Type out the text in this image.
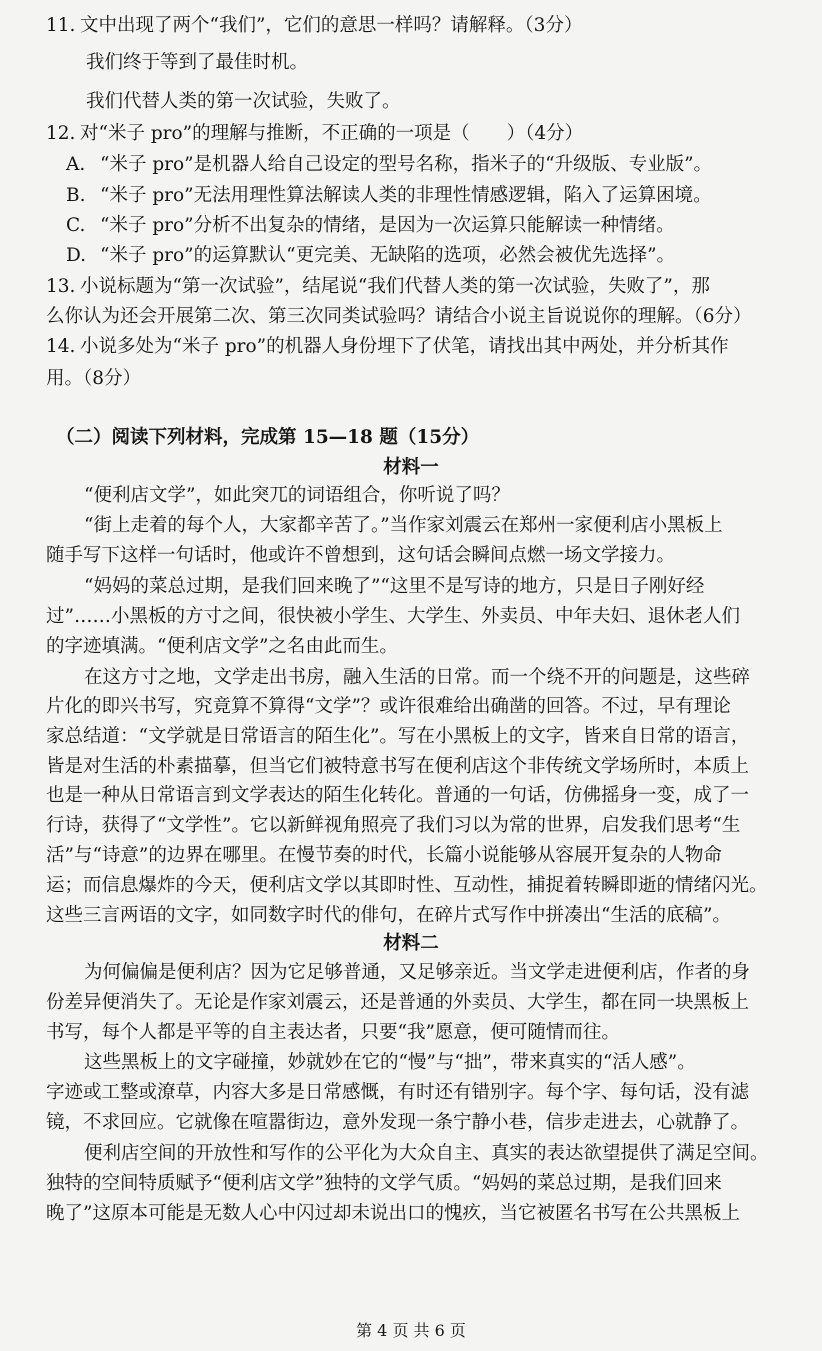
11. 文中出现了两个“我们”，它们的意思一样吗？请解释。（3分）
我们终于等到了最佳时机。
我们代替人类的第一次试验，失败了。
12. 对“米子 pro”的理解与推断，不正确的一项是（　　）（4分）
A. “米子 pro”是机器人给自己设定的型号名称，指米子的“升级版、专业版”。
B. “米子 pro”无法用理性算法解读人类的非理性情感逻辑，陷入了运算困境。
C. “米子 pro”分析不出复杂的情绪，是因为一次运算只能解读一种情绪。
D. “米子 pro”的运算默认“更完美、无缺陷的选项，必然会被优先选择”。
13. 小说标题为“第一次试验”，结尾说“我们代替人类的第一次试验，失败了”，那
么你认为还会开展第二次、第三次同类试验吗？请结合小说主旨说说你的理解。（6分）
14. 小说多处为“米子 pro”的机器人身份埋下了伏笔，请找出其中两处，并分析其作
用。（8分）
（二）阅读下列材料，完成第 15—18 题（15分）
材料一
“便利店文学”，如此突兀的词语组合，你听说了吗？
“街上走着的每个人，大家都辛苦了。”当作家刘震云在郑州一家便利店小黑板上
随手写下这样一句话时，他或许不曾想到，这句话会瞬间点燃一场文学接力。
“妈妈的菜总过期，是我们回来晚了”“这里不是写诗的地方，只是日子刚好经
过”……小黑板的方寸之间，很快被小学生、大学生、外卖员、中年夫妇、退休老人们
的字迹填满。“便利店文学”之名由此而生。
在这方寸之地，文学走出书房，融入生活的日常。而一个绕不开的问题是，这些碎
片化的即兴书写，究竟算不算得“文学”？或许很难给出确凿的回答。不过，早有理论
家总结道：“文学就是日常语言的陌生化”。写在小黑板上的文字，皆来自日常的语言，
皆是对生活的朴素描摹，但当它们被特意书写在便利店这个非传统文学场所时，本质上
也是一种从日常语言到文学表达的陌生化转化。普通的一句话，仿佛摇身一变，成了一
行诗，获得了“文学性”。它以新鲜视角照亮了我们习以为常的世界，启发我们思考“生
活”与“诗意”的边界在哪里。在慢节奏的时代，长篇小说能够从容展开复杂的人物命
运；而信息爆炸的今天，便利店文学以其即时性、互动性，捕捉着转瞬即逝的情绪闪光。
这些三言两语的文字，如同数字时代的俳句，在碎片式写作中拼凑出“生活的底稿”。
材料二
为何偏偏是便利店？因为它足够普通，又足够亲近。当文学走进便利店，作者的身
份差异便消失了。无论是作家刘震云，还是普通的外卖员、大学生，都在同一块黑板上
书写，每个人都是平等的自主表达者，只要“我”愿意，便可随情而往。
这些黑板上的文字碰撞，妙就妙在它的“慢”与“拙”，带来真实的“活人感”。
字迹或工整或潦草，内容大多是日常感慨，有时还有错别字。每个字、每句话，没有滤
镜，不求回应。它就像在喧嚣街边，意外发现一条宁静小巷，信步走进去，心就静了。
便利店空间的开放性和写作的公平化为大众自主、真实的表达欲望提供了满足空间。
独特的空间特质赋予“便利店文学”独特的文学气质。“妈妈的菜总过期，是我们回来
晚了”这原本可能是无数人心中闪过却未说出口的愧疚，当它被匿名书写在公共黑板上
第 4 页 共 6 页
